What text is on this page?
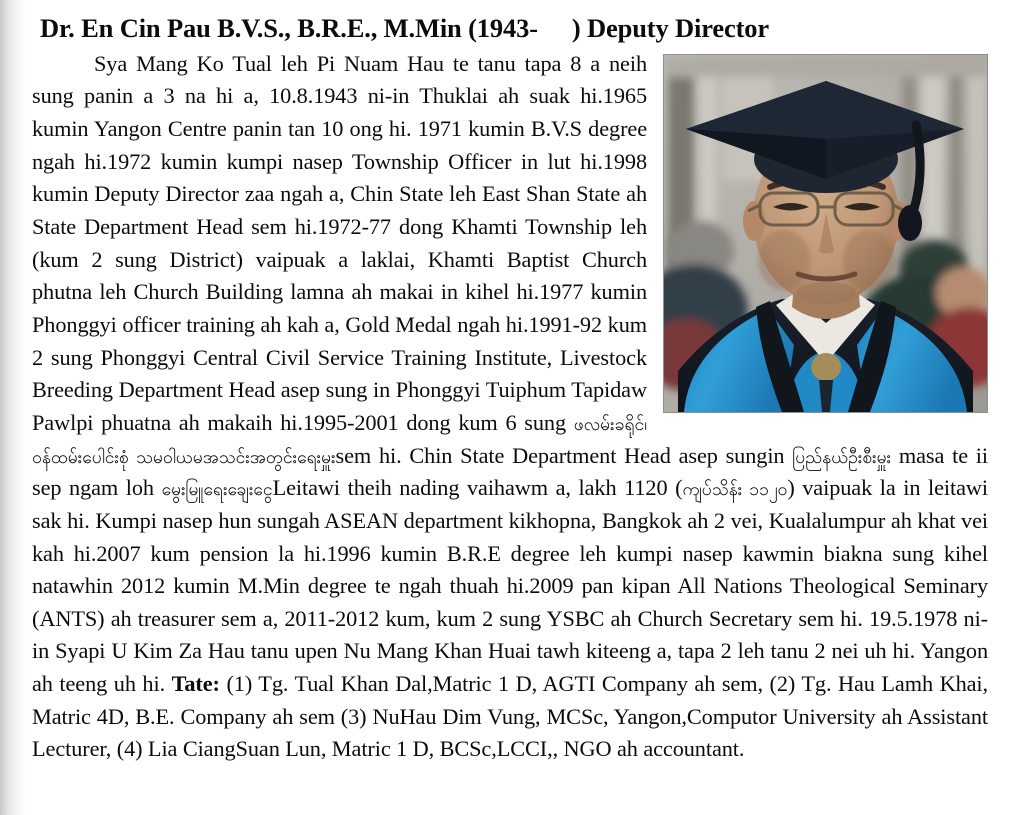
Dr. En Cin Pau B.V.S., B.R.E., M.Min (1943- ) Deputy Director

Sya Mang Ko Tual leh Pi Nuam Hau te tanu tapa 8 a neih sung panin a 3 na hi a, 10.8.1943 ni-in Thuklai ah suak hi.1965 kumin Yangon Centre panin tan 10 ong hi. 1971 kumin B.V.S degree ngah hi.1972 kumin kumpi nasep Township Officer in lut hi.1998 kumin Deputy Director zaa ngah a, Chin State leh East Shan State ah State Department Head sem hi.1972-77 dong Khamti Township leh (kum 2 sung District) vaipuak a laklai, Khamti Baptist Church phutna leh Church Building lamna ah makai in kihel hi.1977 kumin Phonggyi officer training ah kah a, Gold Medal ngah hi.1991-92 kum 2 sung Phonggyi Central Civil Service Training Institute, Livestock Breeding Department Head asep sung in Phonggyi Tuiphum Tapidaw Pawlpi phuatna ah makaih hi.1995-2001 dong kum 6 sung ဖလမ်းခရိုင်၊ ဝန်ထမ်းပေါင်းစုံ သမဝါယမအသင်းအတွင်းရေးမှူးsem hi. Chin State Department Head asep sungin ပြည်နယ်ဦးစီးမှူး masa te ii sep ngam loh မွေးမြူရေးချေးငွေLeitawi theih nading vaihawm a, lakh 1120 (ကျပ်သိန်း ၁၁၂၀) vaipuak la in leitawi sak hi. Kumpi nasep hun sungah ASEAN department kikhopna, Bangkok ah 2 vei, Kualalumpur ah khat vei kah hi.2007 kum pension la hi.1996 kumin B.R.E degree leh kumpi nasep kawmin biakna sung kihel natawhin 2012 kumin M.Min degree te ngah thuah hi.2009 pan kipan All Nations Theological Seminary (ANTS) ah treasurer sem a, 2011-2012 kum, kum 2 sung YSBC ah Church Secretary sem hi. 19.5.1978 ni-in Syapi U Kim Za Hau tanu upen Nu Mang Khan Huai tawh kiteeng a, tapa 2 leh tanu 2 nei uh hi. Yangon ah teeng uh hi. Tate: (1) Tg. Tual Khan Dal,Matric 1 D, AGTI Company ah sem, (2) Tg. Hau Lamh Khai, Matric 4D, B.E. Company ah sem (3) NuHau Dim Vung, MCSc, Yangon,Computor University ah Assistant Lecturer, (4) Lia CiangSuan Lun, Matric 1 D, BCSc,LCCI,, NGO ah accountant.
